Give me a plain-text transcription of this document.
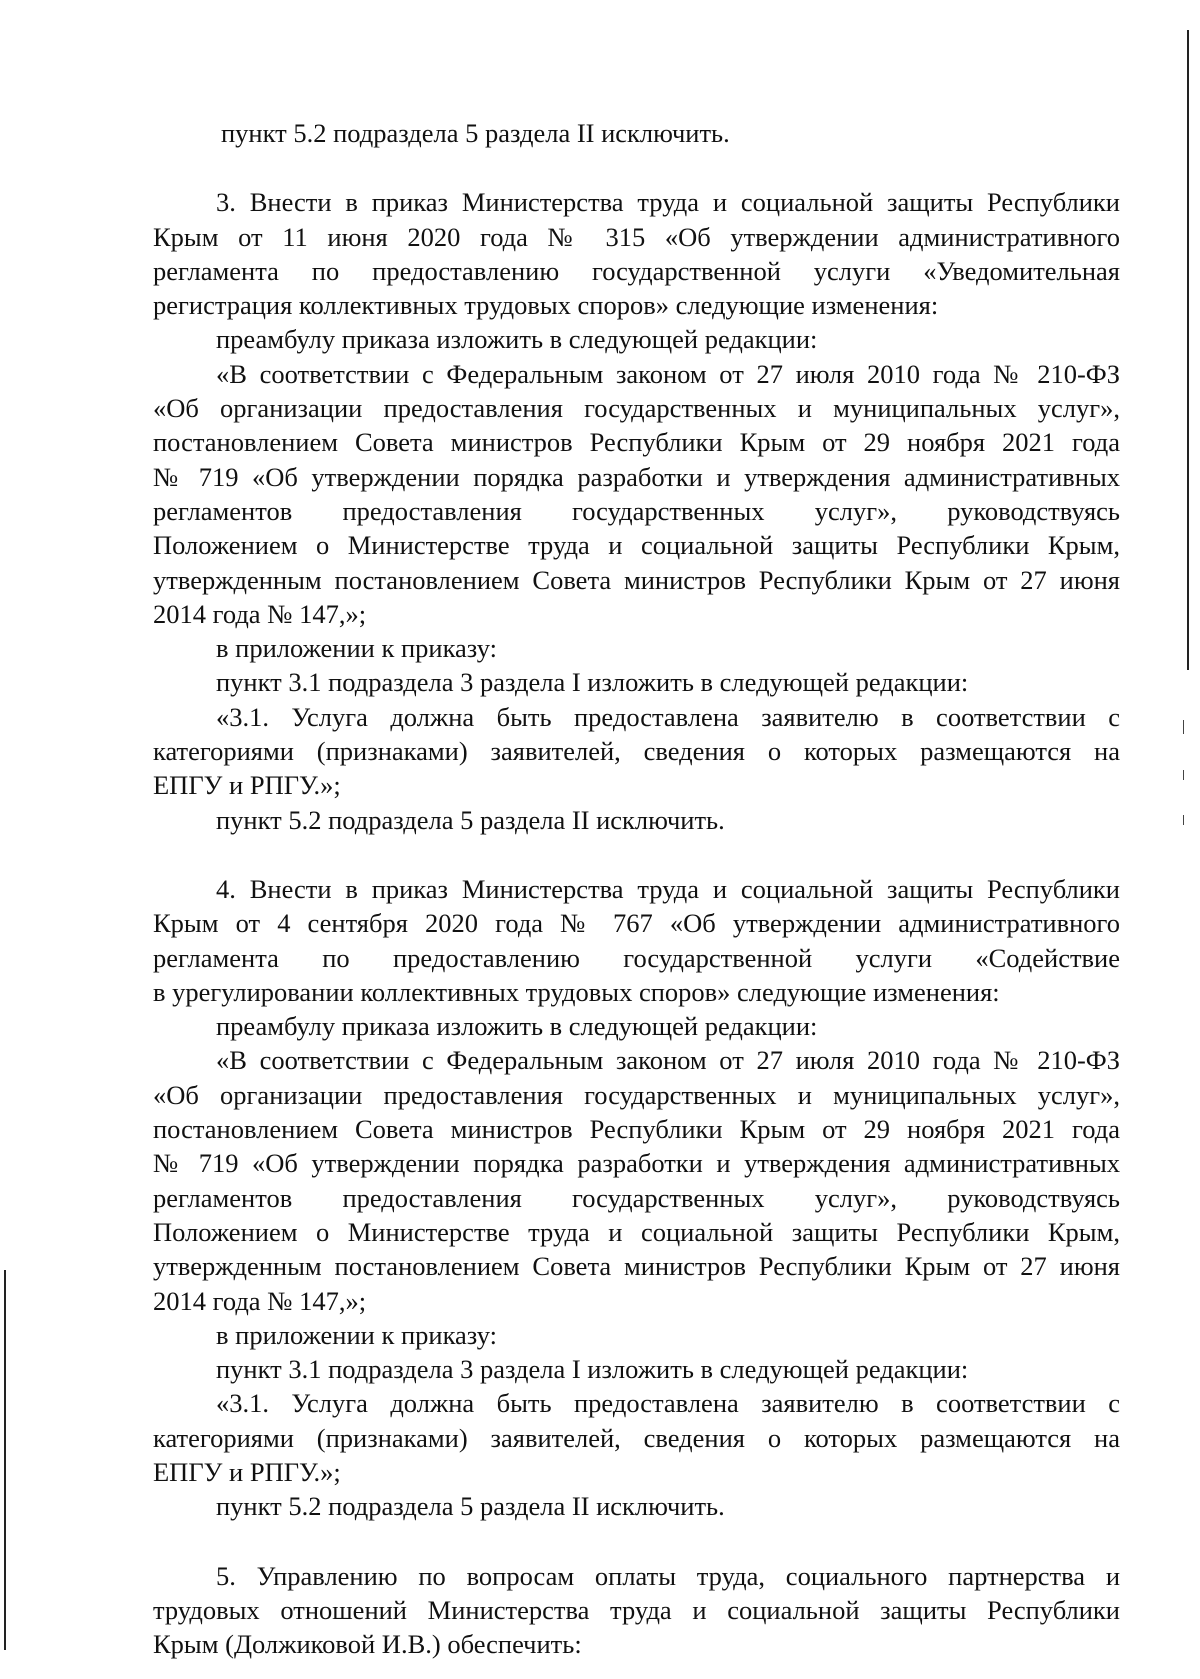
пункт 5.2 подраздела 5 раздела II исключить.
3. Внести в приказ Министерства труда и социальной защиты Республики
Крым от 11 июня 2020 года № 315 «Об утверждении административного
регламента по предоставлению государственной услуги «Уведомительная
регистрация коллективных трудовых споров» следующие изменения:
преамбулу приказа изложить в следующей редакции:
«В соответствии с Федеральным законом от 27 июля 2010 года № 210-ФЗ
«Об организации предоставления государственных и муниципальных услуг»,
постановлением Совета министров Республики Крым от 29 ноября 2021 года
№ 719 «Об утверждении порядка разработки и утверждения административных
регламентов предоставления государственных услуг», руководствуясь
Положением о Министерстве труда и социальной защиты Республики Крым,
утвержденным постановлением Совета министров Республики Крым от 27 июня
2014 года № 147,»;
в приложении к приказу:
пункт 3.1 подраздела 3 раздела I изложить в следующей редакции:
«3.1. Услуга должна быть предоставлена заявителю в соответствии с
категориями (признаками) заявителей, сведения о которых размещаются на
ЕПГУ и РПГУ.»;
пункт 5.2 подраздела 5 раздела II исключить.
4. Внести в приказ Министерства труда и социальной защиты Республики
Крым от 4 сентября 2020 года № 767 «Об утверждении административного
регламента по предоставлению государственной услуги «Содействие
в урегулировании коллективных трудовых споров» следующие изменения:
преамбулу приказа изложить в следующей редакции:
«В соответствии с Федеральным законом от 27 июля 2010 года № 210-ФЗ
«Об организации предоставления государственных и муниципальных услуг»,
постановлением Совета министров Республики Крым от 29 ноября 2021 года
№ 719 «Об утверждении порядка разработки и утверждения административных
регламентов предоставления государственных услуг», руководствуясь
Положением о Министерстве труда и социальной защиты Республики Крым,
утвержденным постановлением Совета министров Республики Крым от 27 июня
2014 года № 147,»;
в приложении к приказу:
пункт 3.1 подраздела 3 раздела I изложить в следующей редакции:
«3.1. Услуга должна быть предоставлена заявителю в соответствии с
категориями (признаками) заявителей, сведения о которых размещаются на
ЕПГУ и РПГУ.»;
пункт 5.2 подраздела 5 раздела II исключить.
5. Управлению по вопросам оплаты труда, социального партнерства и
трудовых отношений Министерства труда и социальной защиты Республики
Крым (Должиковой И.В.) обеспечить:
